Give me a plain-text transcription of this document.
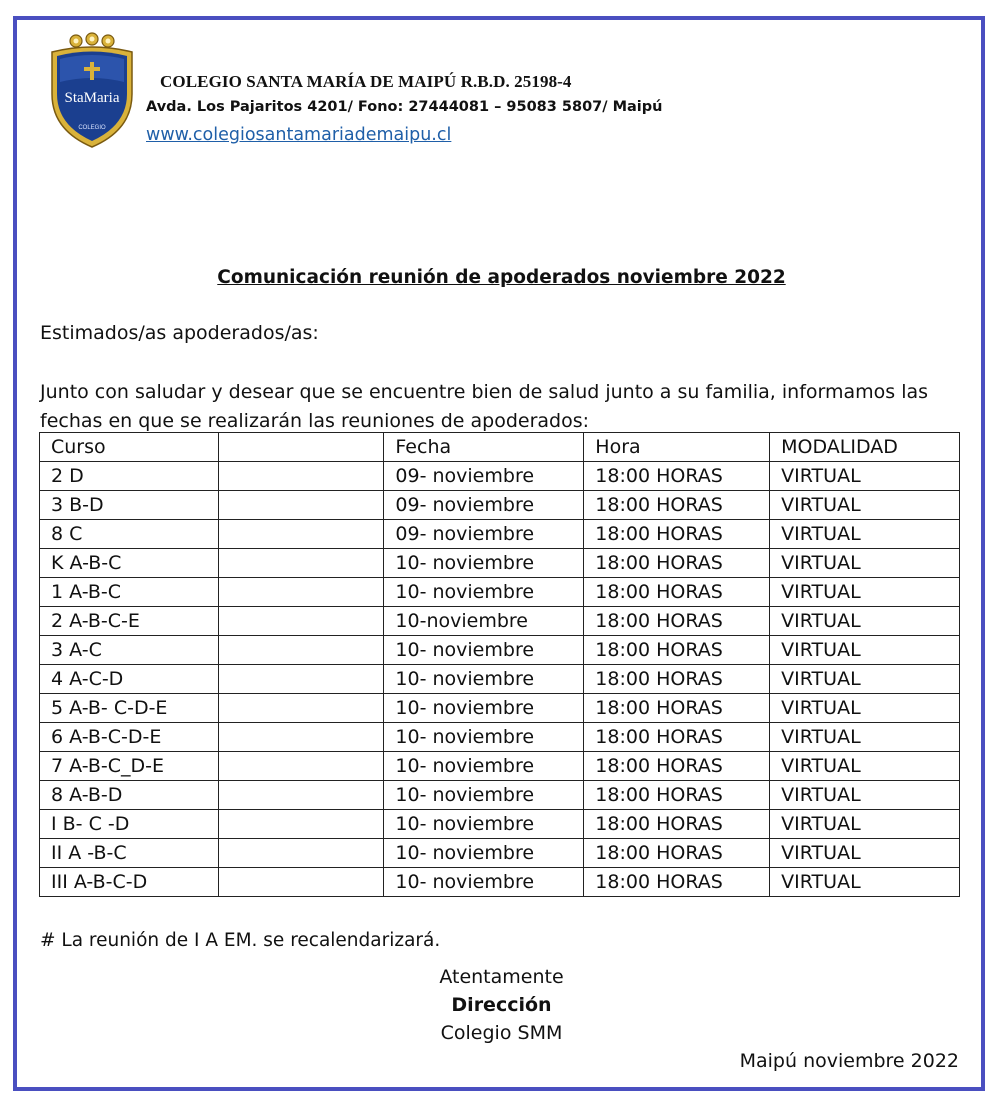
StaMaria
COLEGIO
COLEGIO SANTA MARÍA DE MAIPÚ R.B.D. 25198-4
Avda. Los Pajaritos 4201/ Fono: 27444081 – 95083 5807/ Maipú
www.colegiosantamariademaipu.cl
Comunicación reunión de apoderados noviembre 2022
Estimados/as apoderados/as:
Junto con saludar y desear que se encuentre bien de salud junto a su familia, informamos las fechas en que se realizarán las reuniones de apoderados:
Curso		Fecha	Hora	MODALIDAD
2 D		09- noviembre	18:00 HORAS	VIRTUAL
3 B-D		09- noviembre	18:00 HORAS	VIRTUAL
8 C		09- noviembre	18:00 HORAS	VIRTUAL
K A-B-C		10- noviembre	18:00 HORAS	VIRTUAL
1 A-B-C		10- noviembre	18:00 HORAS	VIRTUAL
2 A-B-C-E		10-noviembre	18:00 HORAS	VIRTUAL
3 A-C		10- noviembre	18:00 HORAS	VIRTUAL
4 A-C-D		10- noviembre	18:00 HORAS	VIRTUAL
5 A-B- C-D-E		10- noviembre	18:00 HORAS	VIRTUAL
6 A-B-C-D-E		10- noviembre	18:00 HORAS	VIRTUAL
7 A-B-C_D-E		10- noviembre	18:00 HORAS	VIRTUAL
8 A-B-D		10- noviembre	18:00 HORAS	VIRTUAL
I B- C -D		10- noviembre	18:00 HORAS	VIRTUAL
II A -B-C		10- noviembre	18:00 HORAS	VIRTUAL
III A-B-C-D		10- noviembre	18:00 HORAS	VIRTUAL
# La reunión de I A EM. se recalendarizará.
Atentamente
Dirección
Colegio SMM
Maipú noviembre 2022
